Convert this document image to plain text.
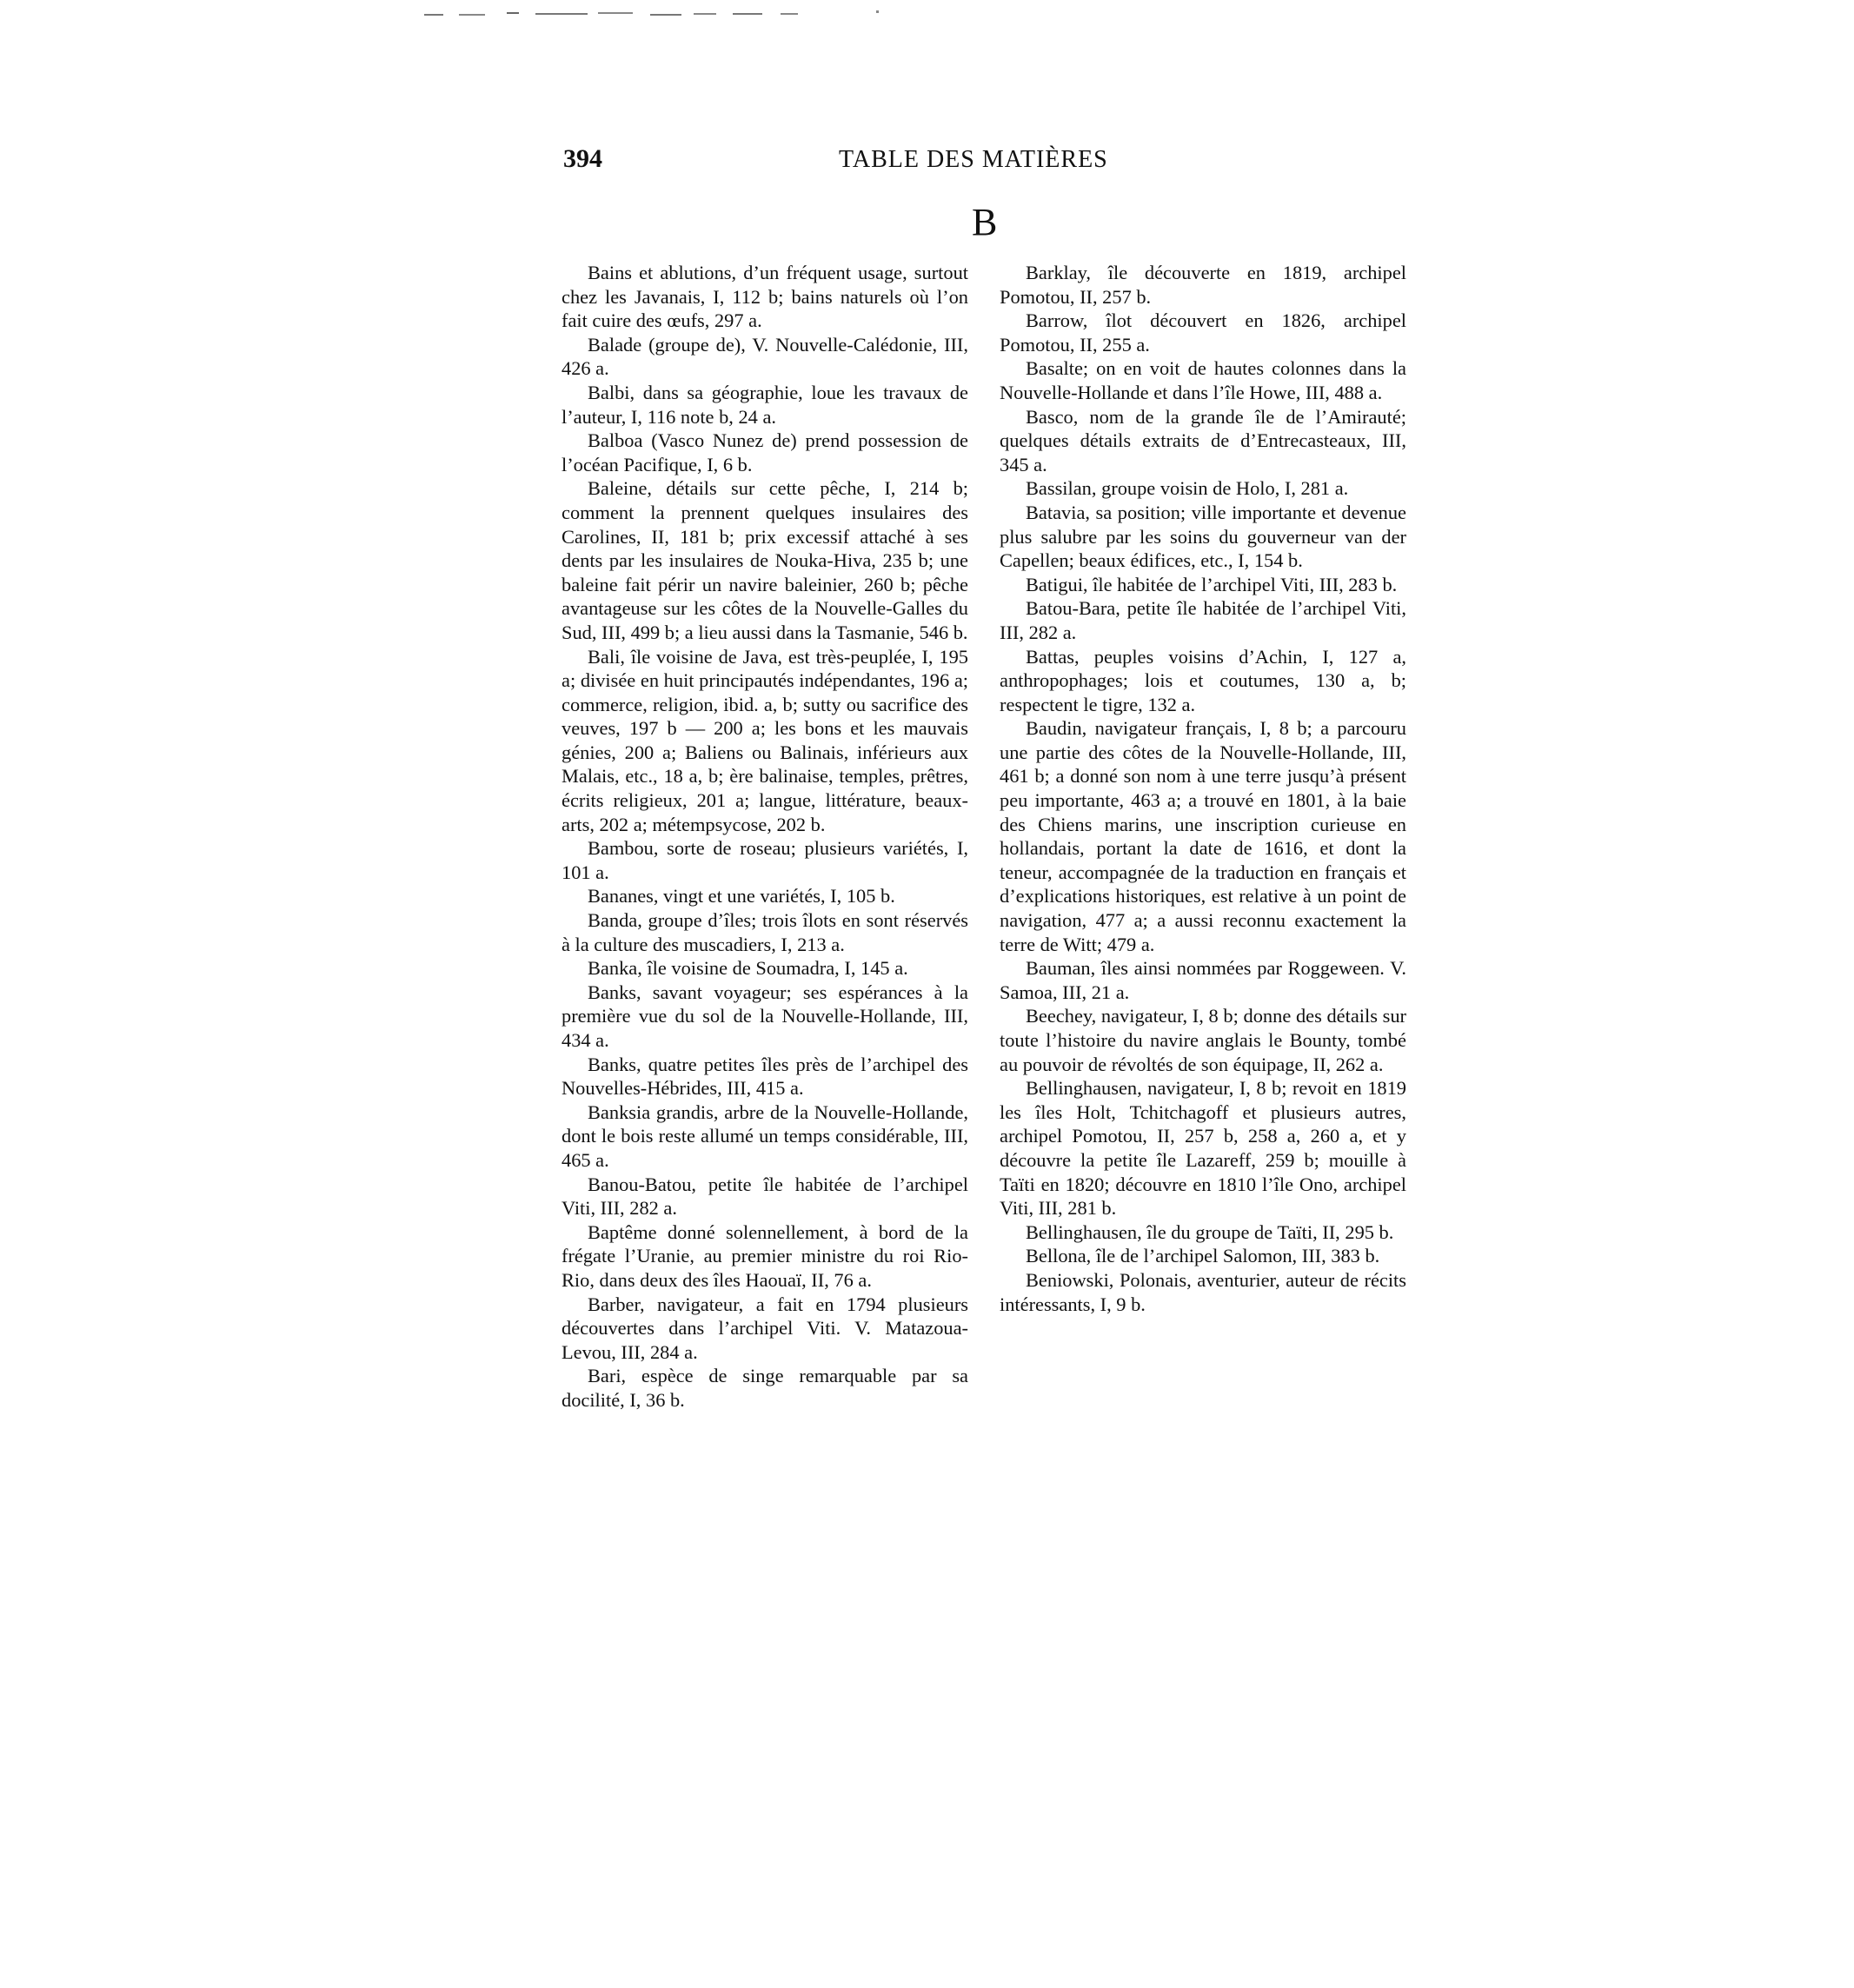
394	TABLE DES MATIÈRES
B

Bains et ablutions, d’un fréquent usage, surtout chez les Javanais, I, 112 b; bains naturels où l’on fait cuire des œufs, 297 a.

Balade (groupe de), V. Nouvelle-Calédonie, III, 426 a.

Balbi, dans sa géographie, loue les travaux de l’auteur, I, 116 note b, 24 a.

Balboa (Vasco Nunez de) prend possession de l’océan Pacifique, I, 6 b.

Baleine, détails sur cette pêche, I, 214 b; comment la prennent quelques insulaires des Carolines, II, 181 b; prix excessif attaché à ses dents par les insulaires de Nouka-Hiva, 235 b; une baleine fait périr un navire baleinier, 260 b; pêche avantageuse sur les côtes de la Nouvelle-Galles du Sud, III, 499 b; a lieu aussi dans la Tasmanie, 546 b.

Bali, île voisine de Java, est très-peuplée, I, 195 a; divisée en huit principautés indépendantes, 196 a; commerce, religion, ibid. a, b; sutty ou sacrifice des veuves, 197 b — 200 a; les bons et les mauvais génies, 200 a; Baliens ou Balinais, inférieurs aux Malais, etc., 18 a, b; ère balinaise, temples, prêtres, écrits religieux, 201 a; langue, littérature, beaux-arts, 202 a; métempsycose, 202 b.

Bambou, sorte de roseau; plusieurs variétés, I, 101 a.

Bananes, vingt et une variétés, I, 105 b.

Banda, groupe d’îles; trois îlots en sont réservés à la culture des muscadiers, I, 213 a.

Banka, île voisine de Soumadra, I, 145 a.

Banks, savant voyageur; ses espérances à la première vue du sol de la Nouvelle-Hollande, III, 434 a.

Banks, quatre petites îles près de l’archipel des Nouvelles-Hébrides, III, 415 a.

Banksia grandis, arbre de la Nouvelle-Hollande, dont le bois reste allumé un temps considérable, III, 465 a.

Banou-Batou, petite île habitée de l’archipel Viti, III, 282 a.

Baptême donné solennellement, à bord de la frégate l’Uranie, au premier ministre du roi Rio-Rio, dans deux des îles Haouaï, II, 76 a.

Barber, navigateur, a fait en 1794 plusieurs découvertes dans l’archipel Viti. V. Matazoua-Levou, III, 284 a.

Bari, espèce de singe remarquable par sa docilité, I, 36 b.

Barklay, île découverte en 1819, archipel Pomotou, II, 257 b.

Barrow, îlot découvert en 1826, archipel Pomotou, II, 255 a.

Basalte; on en voit de hautes colonnes dans la Nouvelle-Hollande et dans l’île Howe, III, 488 a.

Basco, nom de la grande île de l’Amirauté; quelques détails extraits de d’Entrecasteaux, III, 345 a.

Bassilan, groupe voisin de Holo, I, 281 a.

Batavia, sa position; ville importante et devenue plus salubre par les soins du gouverneur van der Capellen; beaux édifices, etc., I, 154 b.

Batigui, île habitée de l’archipel Viti, III, 283 b.

Batou-Bara, petite île habitée de l’archipel Viti, III, 282 a.

Battas, peuples voisins d’Achin, I, 127 a, anthropophages; lois et coutumes, 130 a, b; respectent le tigre, 132 a.

Baudin, navigateur français, I, 8 b; a parcouru une partie des côtes de la Nouvelle-Hollande, III, 461 b; a donné son nom à une terre jusqu’à présent peu importante, 463 a; a trouvé en 1801, à la baie des Chiens marins, une inscription curieuse en hollandais, portant la date de 1616, et dont la teneur, accompagnée de la traduction en français et d’explications historiques, est relative à un point de navigation, 477 a; a aussi reconnu exactement la terre de Witt; 479 a.

Bauman, îles ainsi nommées par Roggeween. V. Samoa, III, 21 a.

Beechey, navigateur, I, 8 b; donne des détails sur toute l’histoire du navire anglais le Bounty, tombé au pouvoir de révoltés de son équipage, II, 262 a.

Bellinghausen, navigateur, I, 8 b; revoit en 1819 les îles Holt, Tchitchagoff et plusieurs autres, archipel Pomotou, II, 257 b, 258 a, 260 a, et y découvre la petite île Lazareff, 259 b; mouille à Taïti en 1820; découvre en 1810 l’île Ono, archipel Viti, III, 281 b.

Bellinghausen, île du groupe de Taïti, II, 295 b.

Bellona, île de l’archipel Salomon, III, 383 b.

Beniowski, Polonais, aventurier, auteur de récits intéressants, I, 9 b.
